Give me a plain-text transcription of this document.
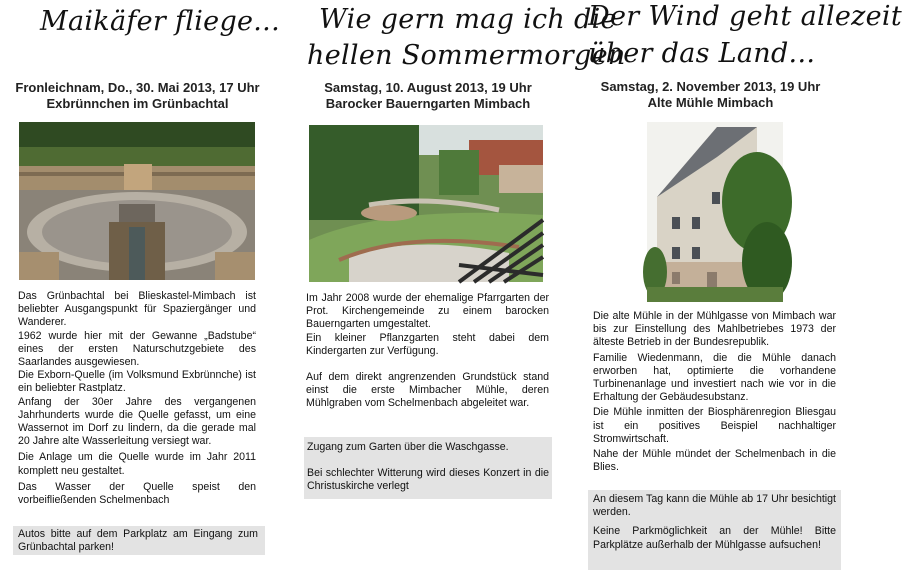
Maikäfer fliege...
Fronleichnam, Do., 30. Mai 2013, 17 Uhr
Exbrünnchen im Grünbachtal

Das Grünbachtal bei Blieskastel-Mimbach ist beliebter Ausgangspunkt für Spaziergänger und Wanderer.

1962 wurde hier mit der Gewanne „Badstube“ eines der ersten Naturschutzgebiete des Saarlandes ausgewiesen.

Die Exborn-Quelle (im Volksmund Exbrünnche) ist ein beliebter Rastplatz.

Anfang der 30er Jahre des vergangenen Jahrhunderts wurde die Quelle gefasst, um eine Wassernot im Dorf zu lindern, da die gerade mal 20 Jahre alte Wasserleitung versiegt war.

Die Anlage um die Quelle wurde im Jahr 2011 komplett neu gestaltet.

Das Wasser der Quelle speist den vorbeifließenden Schelmenbach

Autos bitte auf dem Parkplatz am Eingang zum Grünbachtal parken!
Wie gern mag ich die
hellen Sommermorgen
Samstag, 10. August 2013, 19 Uhr
Barocker Bauerngarten Mimbach

Im Jahr 2008 wurde der ehemalige Pfarrgarten der Prot. Kirchengemeinde zu einem barocken Bauerngarten umgestaltet.

Ein kleiner Pflanzgarten steht dabei dem Kindergarten zur Verfügung.

Auf dem direkt angrenzenden Grundstück stand einst die erste Mimbacher Mühle, deren Mühlgraben vom Schelmenbach abgeleitet war.

Zugang zum Garten über die Waschgasse.

Bei schlechter Witterung wird dieses Konzert in die Christuskirche verlegt

Der Wind geht allezeit
über das Land...
Samstag, 2. November 2013, 19 Uhr
Alte Mühle Mimbach

Die alte Mühle in der Mühlgasse von Mimbach war bis zur Einstellung des Mahlbetriebes 1973 der älteste Betrieb in der Bundesrepublik.

Familie Wiedenmann, die die Mühle danach erworben hat, optimierte die vorhandene Turbinenanlage und investiert nach wie vor in die Erhaltung der Gebäudesubstanz.

Die Mühle inmitten der Biosphärenregion Bliesgau ist ein positives Beispiel nachhaltiger Stromwirtschaft.

Nahe der Mühle mündet der Schelmenbach in die Blies.

An diesem Tag kann die Mühle ab 17 Uhr besichtigt werden.

Keine Parkmöglichkeit an der Mühle! Bitte Parkplätze außerhalb der Mühlgasse aufsuchen!
